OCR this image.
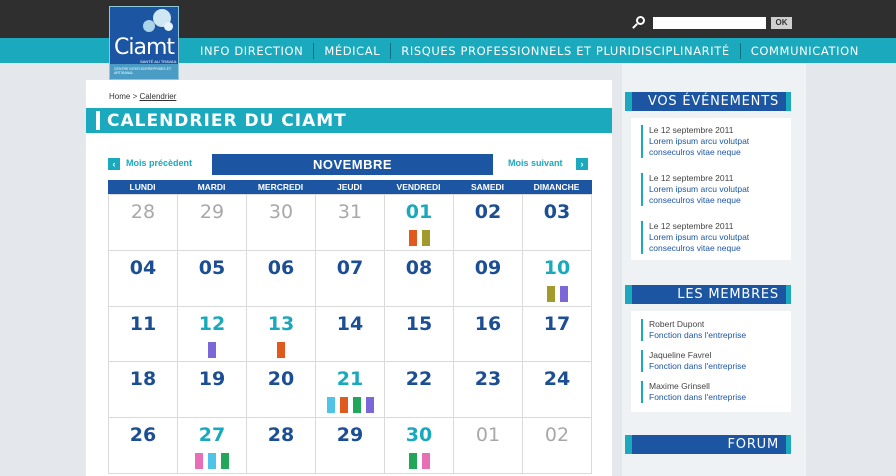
Ciamt
SANTÉ AU TRAVAIL
CENTRE INTER-ENTREPRISES ET ARTISANAL
OK
INFO DIRECTION	MÉDICAL	RISQUES PROFESSIONNELS ET PLURIDISCIPLINARITÉ	COMMUNICATION
Home > Calendrier
CALENDRIER DU CIAMT
‹	Mois précèdent	NOVEMBRE	Mois suivant	›
LUNDI	MARDI	MERCREDI	JEUDI	VENDREDI	SAMEDI	DIMANCHE
28	29	30	31	01	02	03
04	05	06	07	08	09	10
11	12	13	14	15	16	17
18	19	20	21	22	23	24
26	27	28	29	30	01	02
VOS ÉVÉNEMENTS
Le 12 septembre 2011
Lorem ipsum arcu volutpat conseculros vitae neque
Le 12 septembre 2011
Lorem ipsum arcu volutpat conseculros vitae neque
Le 12 septembre 2011
Lorem ipsum arcu volutpat conseculros vitae neque
LES MEMBRES
Robert Dupont
Fonction dans l'entreprise
Jaqueline Favrel
Fonction dans l'entreprise
Maxime Grinsell
Fonction dans l'entreprise
FORUM
